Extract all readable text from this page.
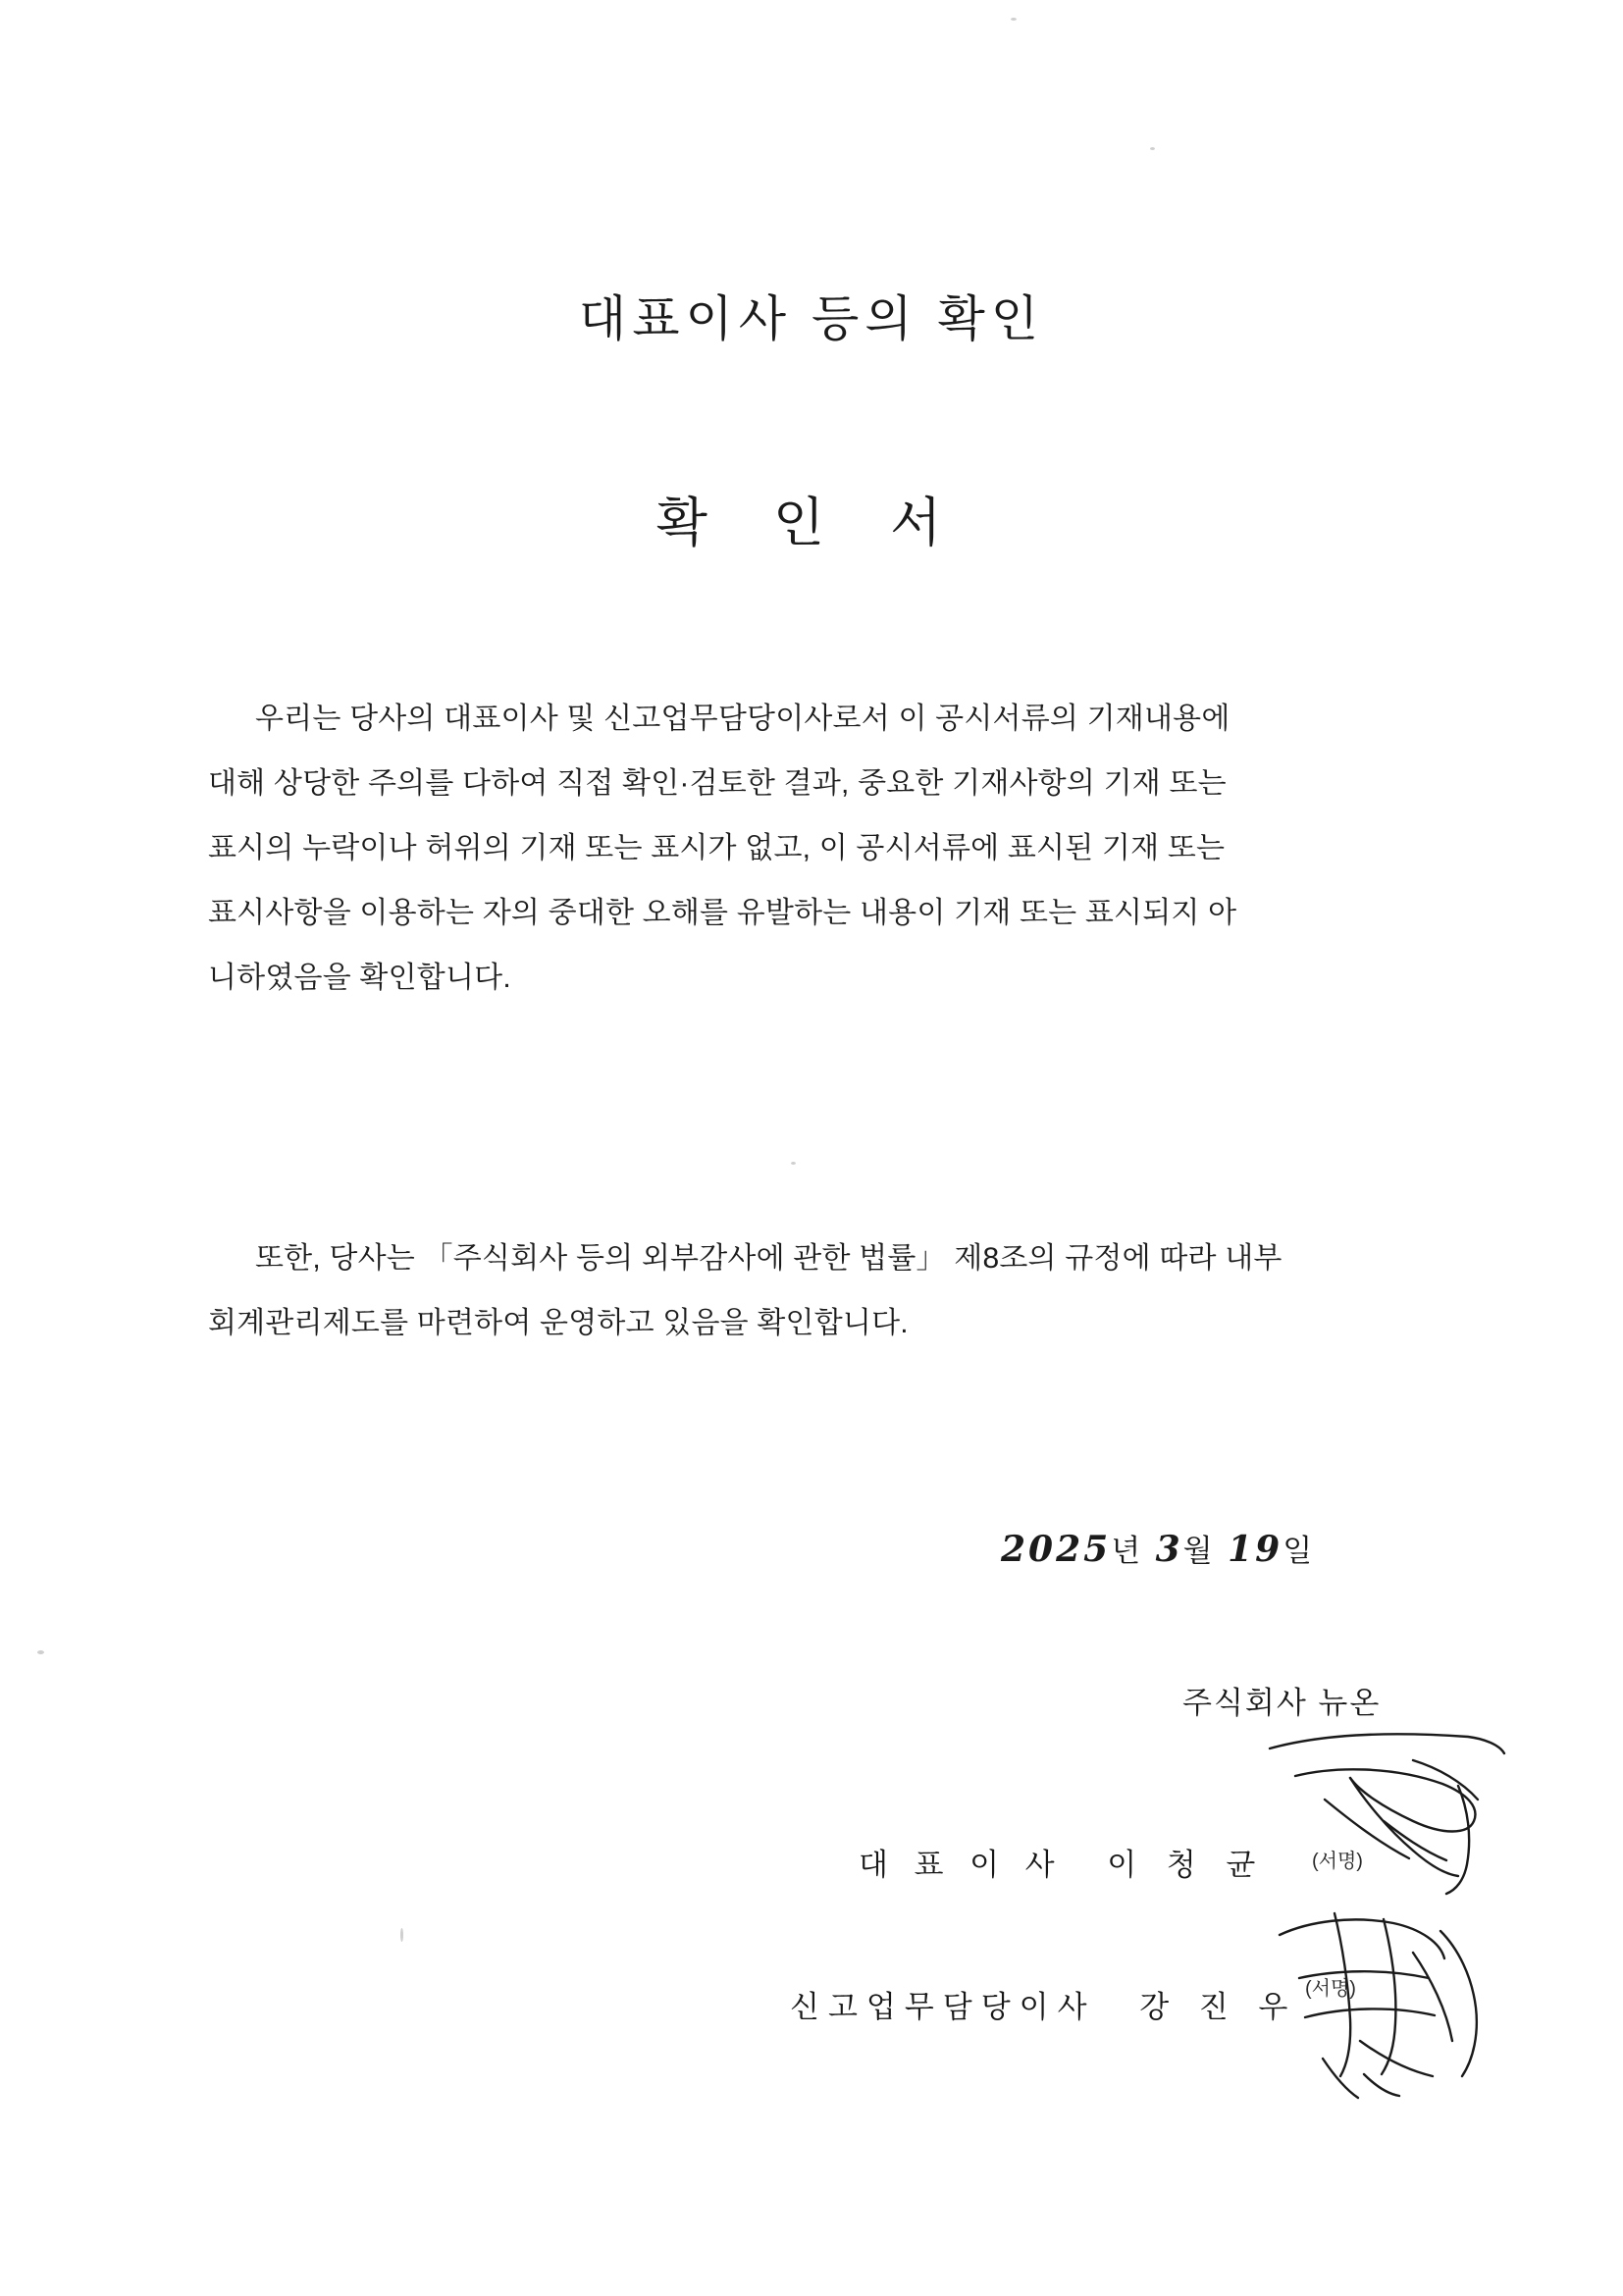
대표이사 등의 확인
확 인 서
우리는 당사의 대표이사 및 신고업무담당이사로서 이 공시서류의 기재내용에
대해 상당한 주의를 다하여 직접 확인·검토한 결과, 중요한 기재사항의 기재 또는
표시의 누락이나 허위의 기재 또는 표시가 없고, 이 공시서류에 표시된 기재 또는
표시사항을 이용하는 자의 중대한 오해를 유발하는 내용이 기재 또는 표시되지 아
니하였음을 확인합니다.
또한, 당사는 「주식회사 등의 외부감사에 관한 법률」 제8조의 규정에 따라 내부
회계관리제도를 마련하여 운영하고 있음을 확인합니다.
2025년 3월 19일
주식회사 뉴온
대 표 이 사 이 청 균
신고업무담당이사 강 진 우
(서명)
(서명)
